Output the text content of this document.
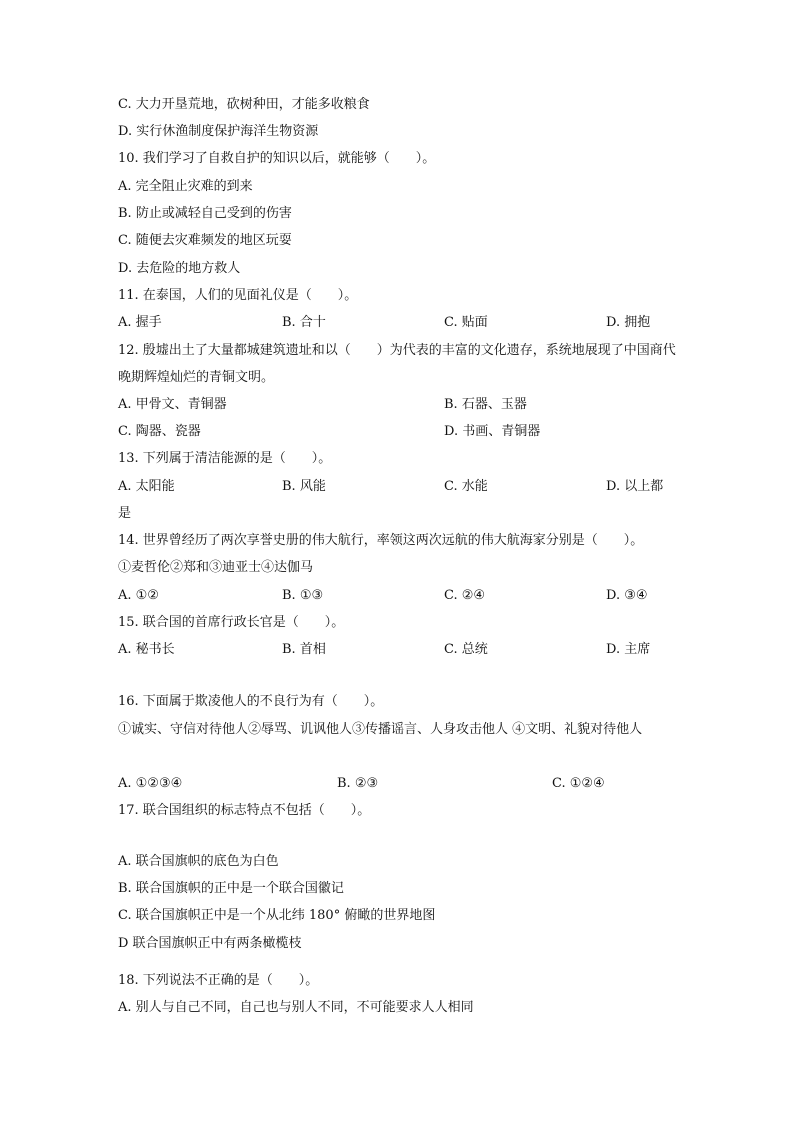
C. 大力开垦荒地，砍树种田，才能多收粮食
D. 实行休渔制度保护海洋生物资源
10. 我们学习了自救自护的知识以后，就能够（　　）。
A. 完全阻止灾难的到来
B. 防止或减轻自己受到的伤害
C. 随便去灾难频发的地区玩耍
D. 去危险的地方救人
11. 在泰国，人们的见面礼仪是（　　）。
A. 握手	B. 合十	C. 贴面	D. 拥抱
12. 殷墟出土了大量都城建筑遗址和以（　　）为代表的丰富的文化遗存，系统地展现了中国商代晚期辉煌灿烂的青铜文明。
A. 甲骨文、青铜器	B. 石器、玉器
C. 陶器、瓷器	D. 书画、青铜器
13. 下列属于清洁能源的是（　　）。
A. 太阳能	B. 风能	C. 水能	D. 以上都
是
14. 世界曾经历了两次享誉史册的伟大航行，率领这两次远航的伟大航海家分别是（　　）。
①麦哲伦②郑和③迪亚士④达伽马
A. ①②	B. ①③	C. ②④	D. ③④
15. 联合国的首席行政长官是（　　）。
A. 秘书长	B. 首相	C. 总统	D. 主席
16. 下面属于欺凌他人的不良行为有（　　）。
①诚实、守信对待他人②辱骂、讥讽他人③传播谣言、人身攻击他人 ④文明、礼貌对待他人
A. ①②③④	B. ②③	C. ①②④
17. 联合国组织的标志特点不包括（　　）。
A. 联合国旗帜的底色为白色
B. 联合国旗帜的正中是一个联合国徽记
C. 联合国旗帜正中是一个从北纬 180° 俯瞰的世界地图
D 联合国旗帜正中有两条橄榄枝
18. 下列说法不正确的是（　　）。
A. 别人与自己不同，自己也与别人不同，不可能要求人人相同
